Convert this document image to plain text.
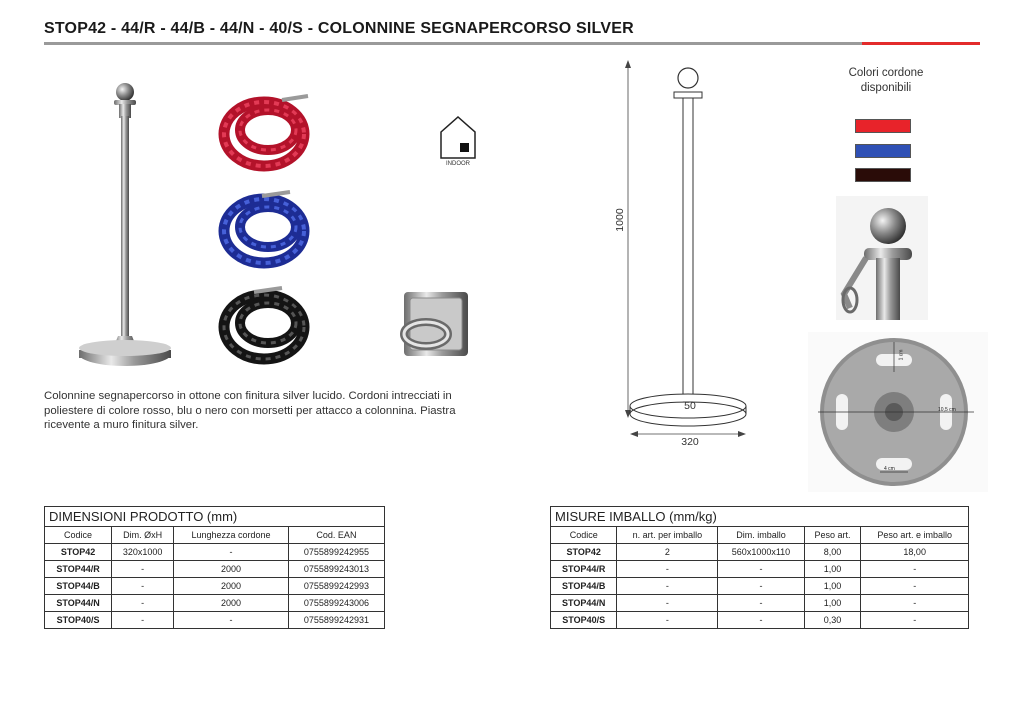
STOP42 - 44/R - 44/B - 44/N - 40/S - COLONNINE SEGNAPERCORSO SILVER
INDOOR
Colonnine segnapercorso in ottone con finitura silver lucido. Cordoni intrecciati in poliestere di colore rosso, blu o nero con morsetti per attacco a colonnina. Piastra ricevente a muro finitura silver.
1000
50
320
Colori cordone disponibili
10,5 cm
4 cm
1 cm
DIMENSIONI PRODOTTO (mm)			
Codice	Dim. ØxH	Lunghezza cordone	Cod. EAN
STOP42	320x1000	-	0755899242955
STOP44/R	-	2000	0755899243013
STOP44/B	-	2000	0755899242993
STOP44/N	-	2000	0755899243006
STOP40/S	-	-	0755899242931
MISURE IMBALLO (mm/kg)				
Codice	n. art. per imballo	Dim. imballo	Peso art.	Peso art. e imballo
STOP42	2	560x1000x110	8,00	18,00
STOP44/R	-	-	1,00	-
STOP44/B	-	-	1,00	-
STOP44/N	-	-	1,00	-
STOP40/S	-	-	0,30	-
